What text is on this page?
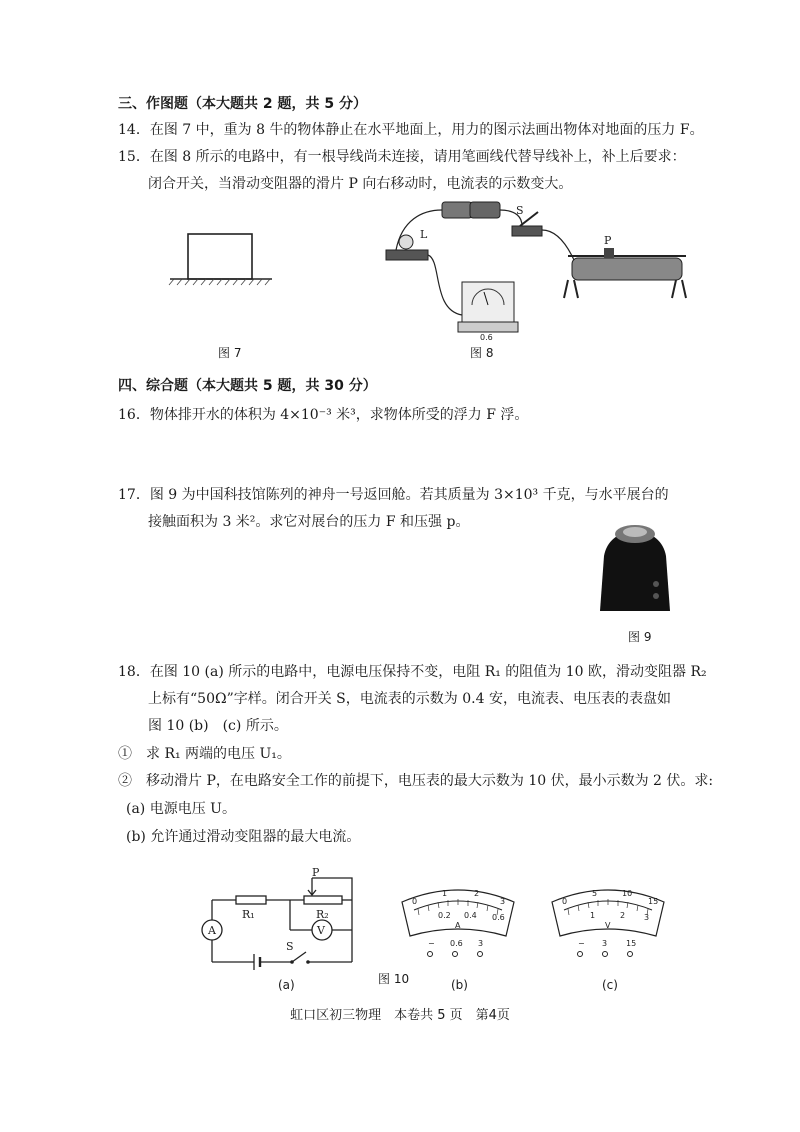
三、作图题（本大题共 2 题，共 5 分）
14．在图 7 中，重为 8 牛的物体静止在水平地面上，用力的图示法画出物体对地面的压力 F。
15．在图 8 所示的电路中，有一根导线尚未连接，请用笔画线代替导线补上，补上后要求：
闭合开关，当滑动变阻器的滑片 P 向右移动时，电流表的示数变大。
图 7
S
L
0.6
P
图 8
四、综合题（本大题共 5 题，共 30 分）
16．物体排开水的体积为 4×10⁻³ 米³，求物体所受的浮力 F 浮。
17．图 9 为中国科技馆陈列的神舟一号返回舱。若其质量为 3×10³ 千克，与水平展台的
接触面积为 3 米²。求它对展台的压力 F 和压强 p。
图 9
18．在图 10 (a) 所示的电路中，电源电压保持不变，电阻 R₁ 的阻值为 10 欧，滑动变阻器 R₂
上标有“50Ω”字样。闭合开关 S，电流表的示数为 0.4 安，电流表、电压表的表盘如
图 10 (b)　(c) 所示。
①　求 R₁ 两端的电压 U₁。
②　移动滑片 P，在电路安全工作的前提下，电压表的最大示数为 10 伏，最小示数为 2 伏。求:
(a) 电源电压 U。
(b) 允许通过滑动变阻器的最大电流。
A	V
R₁	R₂
P
S
(a)	图 10
0
1	2
3
0.2 0.4 0.6
A
− 0.6 3
(b)
0
5	10
15
1	2 3
V
− 3 15
(c)
虹口区初三物理　本卷共 5 页　第4页
